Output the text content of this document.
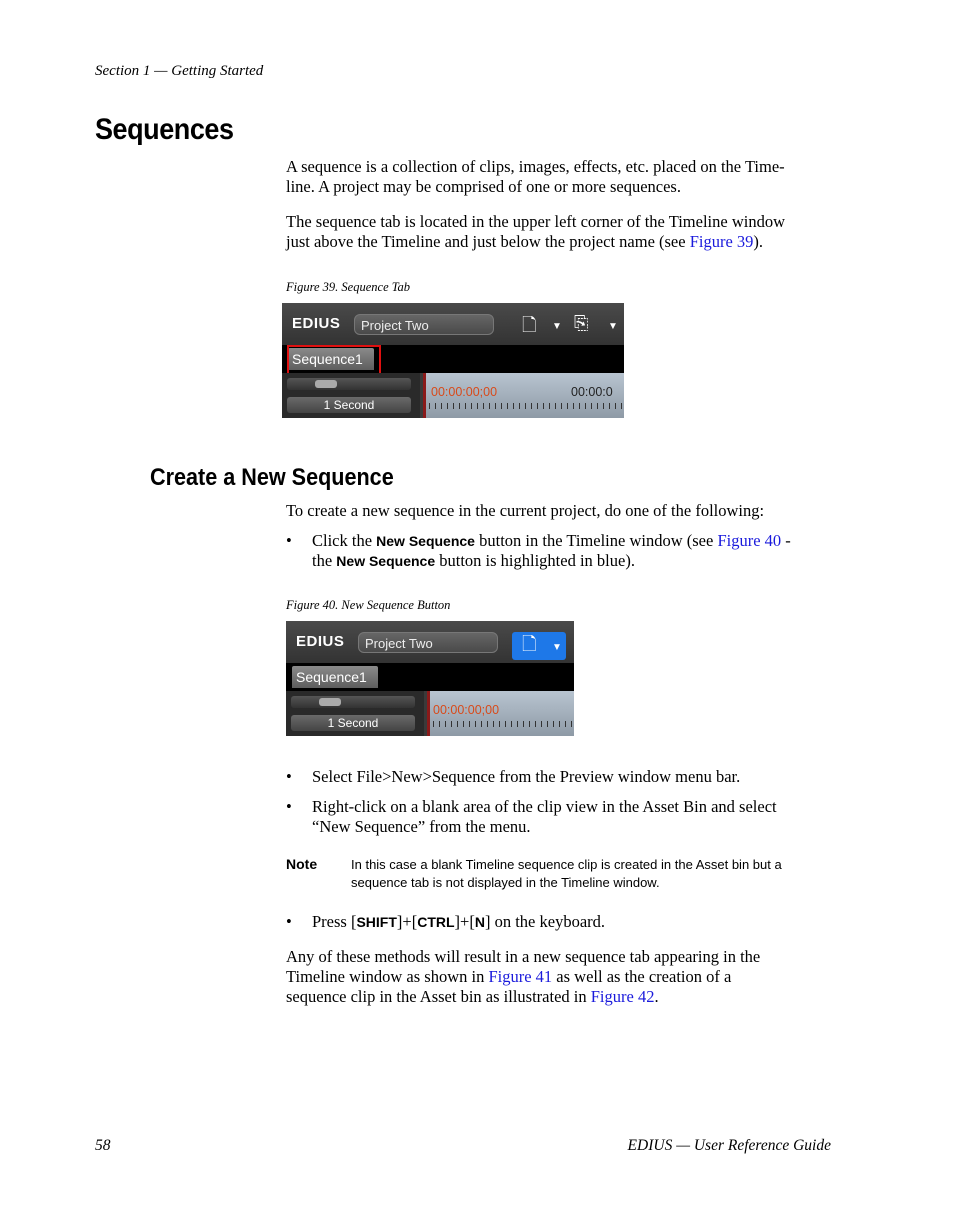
Section 1 — Getting Started
Sequences
A sequence is a collection of clips, images, effects, etc. placed on the Time-
line. A project may be comprised of one or more sequences.
The sequence tab is located in the upper left corner of the Timeline window
just above the Timeline and just below the project name (see Figure 39).
Figure 39. Sequence Tab
EDIUS	Project Two	🗋 ▼ ⎘ ▼
Sequence1
1 Second
00:00:00;00	00:00:0
Create a New Sequence
To create a new sequence in the current project, do one of the following:
• Click the New Sequence button in the Timeline window (see Figure 40 -
the New Sequence button is highlighted in blue).
Figure 40. New Sequence Button
EDIUS	Project Two	🗋 ▼
Sequence1
1 Second
00:00:00;00
• Select File>New>Sequence from the Preview window menu bar.
• Right-click on a blank area of the clip view in the Asset Bin and select
“New Sequence” from the menu.
Note	In this case a blank Timeline sequence clip is created in the Asset bin but a
sequence tab is not displayed in the Timeline window.
• Press [SHIFT]+[CTRL]+[N] on the keyboard.
Any of these methods will result in a new sequence tab appearing in the
Timeline window as shown in Figure 41 as well as the creation of a
sequence clip in the Asset bin as illustrated in Figure 42.
58	EDIUS — User Reference Guide
